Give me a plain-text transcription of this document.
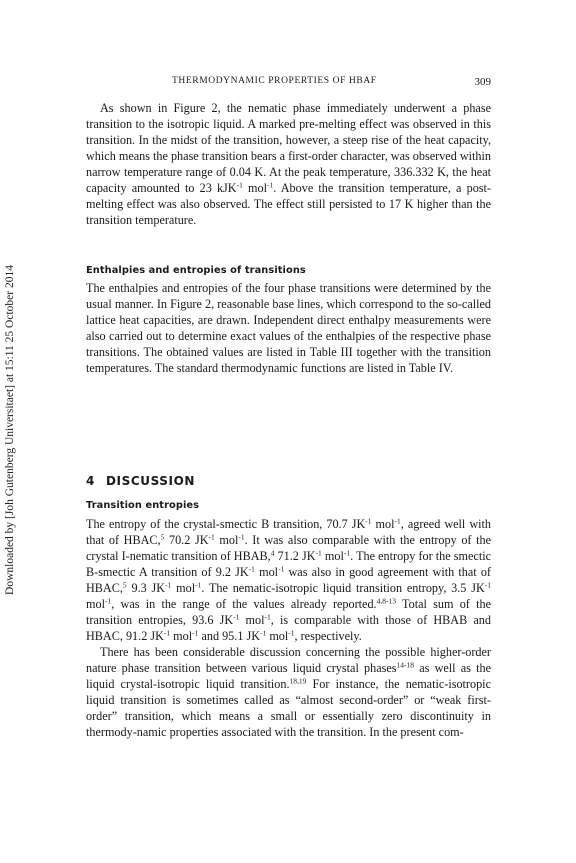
Downloaded by [Joh Gutenberg Universitaet] at 15:11 25 October 2014
THERMODYNAMIC PROPERTIES OF HBAF	309

As shown in Figure 2, the nematic phase immediately underwent a phase transition to the isotropic liquid. A marked pre-melting effect was observed in this transition. In the midst of the transition, however, a steep rise of the heat capacity, which means the phase transition bears a first-order character, was observed within narrow temperature range of 0.04 K. At the peak temperature, 336.332 K, the heat capacity amounted to 23 kJK$^{-1}$ mol$^{-1}$. Above the transition temperature, a post-melting effect was also observed. The effect still persisted to 17 K higher than the transition temperature.

Enthalpies and entropies of transitions

The enthalpies and entropies of the four phase transitions were determined by the usual manner. In Figure 2, reasonable base lines, which correspond to the so-called lattice heat capacities, are drawn. Independent direct enthalpy measurements were also carried out to determine exact values of the enthalpies of the respective phase transitions. The obtained values are listed in Table III together with the transition temperatures. The standard thermodynamic functions are listed in Table IV.

4 DISCUSSION
Transition entropies

The entropy of the crystal-smectic B transition, 70.7 $JK^{-1}$ mol$^{-1}$, agreed well with that of HBAC,$^5$ 70.2 $JK^{-1}$ mol$^{-1}$. It was also comparable with the entropy of the crystal I-nematic transition of HBAB,$^4$ 71.2 $JK^{-1}$ mol$^{-1}$. The entropy for the smectic B-smectic A transition of 9.2 $JK^{-1}$ mol$^{-1}$ was also in good agreement with that of HBAC,$^5$ 9.3 $JK^{-1}$ mol$^{-1}$. The nematic-isotropic liquid transition entropy, 3.5 $JK^{-1}$ mol$^{-1}$, was in the range of the values already reported.$^{4,8-13}$ Total sum of the transition entropies, 93.6 $JK^{-1}$ mol$^{-1}$, is comparable with those of HBAB and HBAC, 91.2 $JK^{-1}$ mol$^{-1}$ and 95.1 $JK^{-1}$ mol$^{-1}$, respectively.

There has been considerable discussion concerning the possible higher-order nature phase transition between various liquid crystal phases$^{14-18}$ as well as the liquid crystal-isotropic liquid transition.$^{18,19}$ For instance, the nematic-isotropic liquid transition is sometimes called as “almost second-order” or “weak first-order” transition, which means a small or essentially zero discontinuity in thermody-namic properties associated with the transition. In the present com-
